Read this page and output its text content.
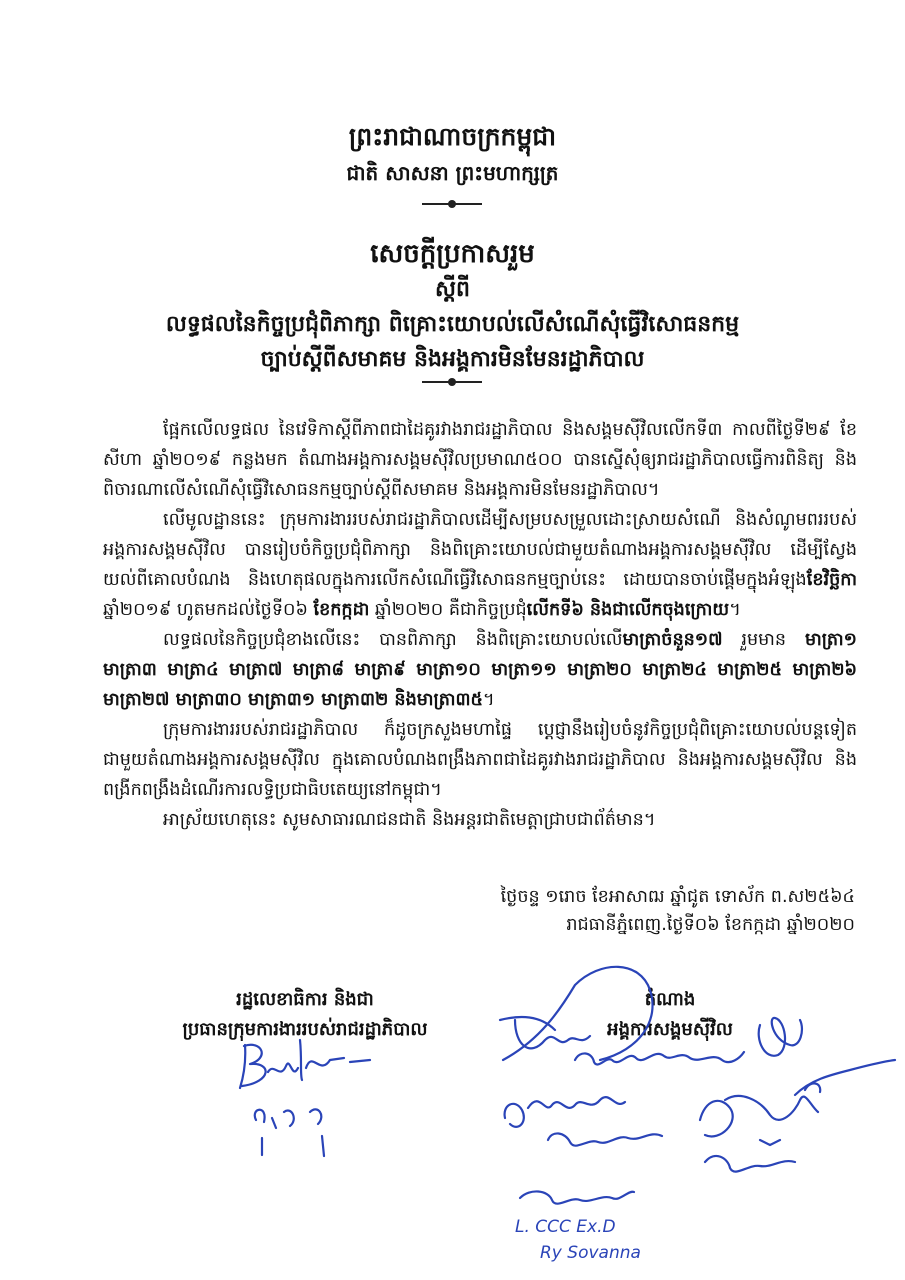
ព្រះរាជាណាចក្រកម្ពុជា
ជាតិ សាសនា ព្រះមហាក្សត្រ
សេចក្ដីប្រកាសរួម
ស្ដីពី
លទ្ធផលនៃកិច្ចប្រជុំពិភាក្សា ពិគ្រោះយោបល់លើសំណើសុំធ្វើវិសោធនកម្ម
ច្បាប់ស្ដីពីសមាគម និងអង្គការមិនមែនរដ្ឋាភិបាល

ផ្អែកលើលទ្ធផល នៃវេទិកាស្ដីពីភាពជាដៃគូរវាងរាជរដ្ឋាភិបាល និងសង្គមស៊ីវិលលើកទី៣ កាលពីថ្ងៃទី២៩ ខែសីហា ឆ្នាំ២០១៩ កន្លងមក តំណាងអង្គការសង្គមស៊ីវិលប្រមាណ៥០០ បានស្នើសុំឲ្យរាជរដ្ឋាភិបាលធ្វើការពិនិត្យ និងពិចារណាលើសំណើសុំធ្វើវិសោធនកម្មច្បាប់ស្ដីពីសមាគម និងអង្គការមិនមែនរដ្ឋាភិបាល។

លើមូលដ្ឋាននេះ ក្រុមការងាររបស់រាជរដ្ឋាភិបាលដើម្បីសម្របសម្រួលដោះស្រាយសំណើ និងសំណូមពររបស់អង្គការសង្គមស៊ីវិល បានរៀបចំកិច្ចប្រជុំពិភាក្សា និងពិគ្រោះយោបល់ជាមួយតំណាងអង្គការសង្គមស៊ីវិល ដើម្បីស្វែងយល់ពីគោលបំណង និងហេតុផលក្នុងការលើកសំណើធ្វើវិសោធនកម្មច្បាប់នេះ ដោយបានចាប់ផ្ដើមក្នុងអំឡុងខែវិច្ឆិកា ឆ្នាំ២០១៩ ហូតមកដល់ថ្ងៃទី០៦ ខែកក្កដា ឆ្នាំ២០២០ គឺជាកិច្ចប្រជុំលើកទី៦ និងជាលើកចុងក្រោយ។

លទ្ធផលនៃកិច្ចប្រជុំខាងលើនេះ បានពិភាក្សា និងពិគ្រោះយោបល់លើមាត្រាចំនួន១៧ រួមមាន មាត្រា១ មាត្រា៣ មាត្រា៤ មាត្រា៧ មាត្រា៨ មាត្រា៩ មាត្រា១០ មាត្រា១១ មាត្រា២០ មាត្រា២៤ មាត្រា២៥ មាត្រា២៦ មាត្រា២៧ មាត្រា៣០ មាត្រា៣១ មាត្រា៣២ និងមាត្រា៣៥។

ក្រុមការងាររបស់រាជរដ្ឋាភិបាល ក៏ដូចក្រសួងមហាផ្ទៃ ប្ដេជ្ញានឹងរៀបចំនូវកិច្ចប្រជុំពិគ្រោះយោបល់បន្តទៀតជាមួយតំណាងអង្គការសង្គមស៊ីវិល ក្នុងគោលបំណងពង្រឹងភាពជាដៃគូរវាងរាជរដ្ឋាភិបាល និងអង្គការសង្គមស៊ីវិល និងពង្រីកពង្រឹងដំណើរការលទ្ធិប្រជាធិបតេយ្យនៅកម្ពុជា។

អាស្រ័យហេតុនេះ សូមសាធារណជនជាតិ និងអន្តរជាតិមេត្តាជ្រាបជាព័ត៌មាន។

ថ្ងៃចន្ទ ១រោច ខែអាសាឍ ឆ្នាំជូត ទោស័ក ព.ស២៥៦៤
រាជធានីភ្នំពេញ.ថ្ងៃទី០៦ ខែកក្កដា ឆ្នាំ២០២០
រដ្ឋលេខាធិការ និងជា
ប្រធានក្រុមការងាររបស់រាជរដ្ឋាភិបាល
តំណាង
អង្គការសង្គមស៊ីវិល
L. CCC Ex.D
Ry Sovanna
